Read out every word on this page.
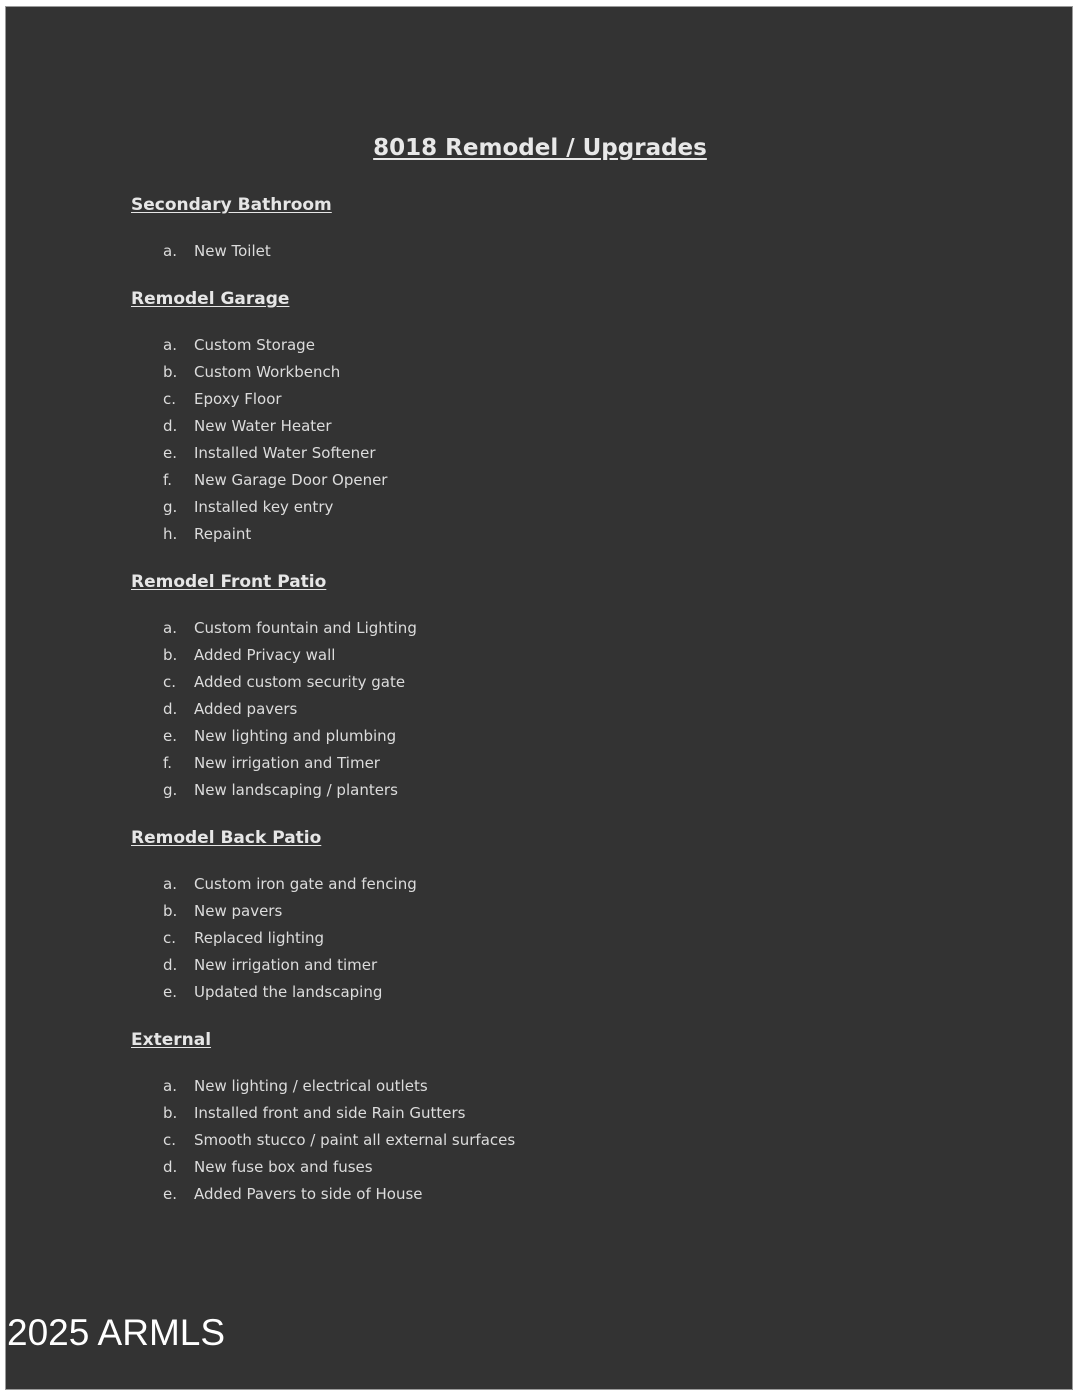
8018 Remodel / Upgrades
Secondary Bathroom
a. New Toilet
Remodel Garage
a. Custom Storage
b. Custom Workbench
c. Epoxy Floor
d. New Water Heater
e. Installed Water Softener
f. New Garage Door Opener
g. Installed key entry
h. Repaint
Remodel Front Patio
a. Custom fountain and Lighting
b. Added Privacy wall
c. Added custom security gate
d. Added pavers
e. New lighting and plumbing
f. New irrigation and Timer
g. New landscaping / planters
Remodel Back Patio
a. Custom iron gate and fencing
b. New pavers
c. Replaced lighting
d. New irrigation and timer
e. Updated the landscaping
External
a. New lighting / electrical outlets
b. Installed front and side Rain Gutters
c. Smooth stucco / paint all external surfaces
d. New fuse box and fuses
e. Added Pavers to side of House
2025 ARMLS
